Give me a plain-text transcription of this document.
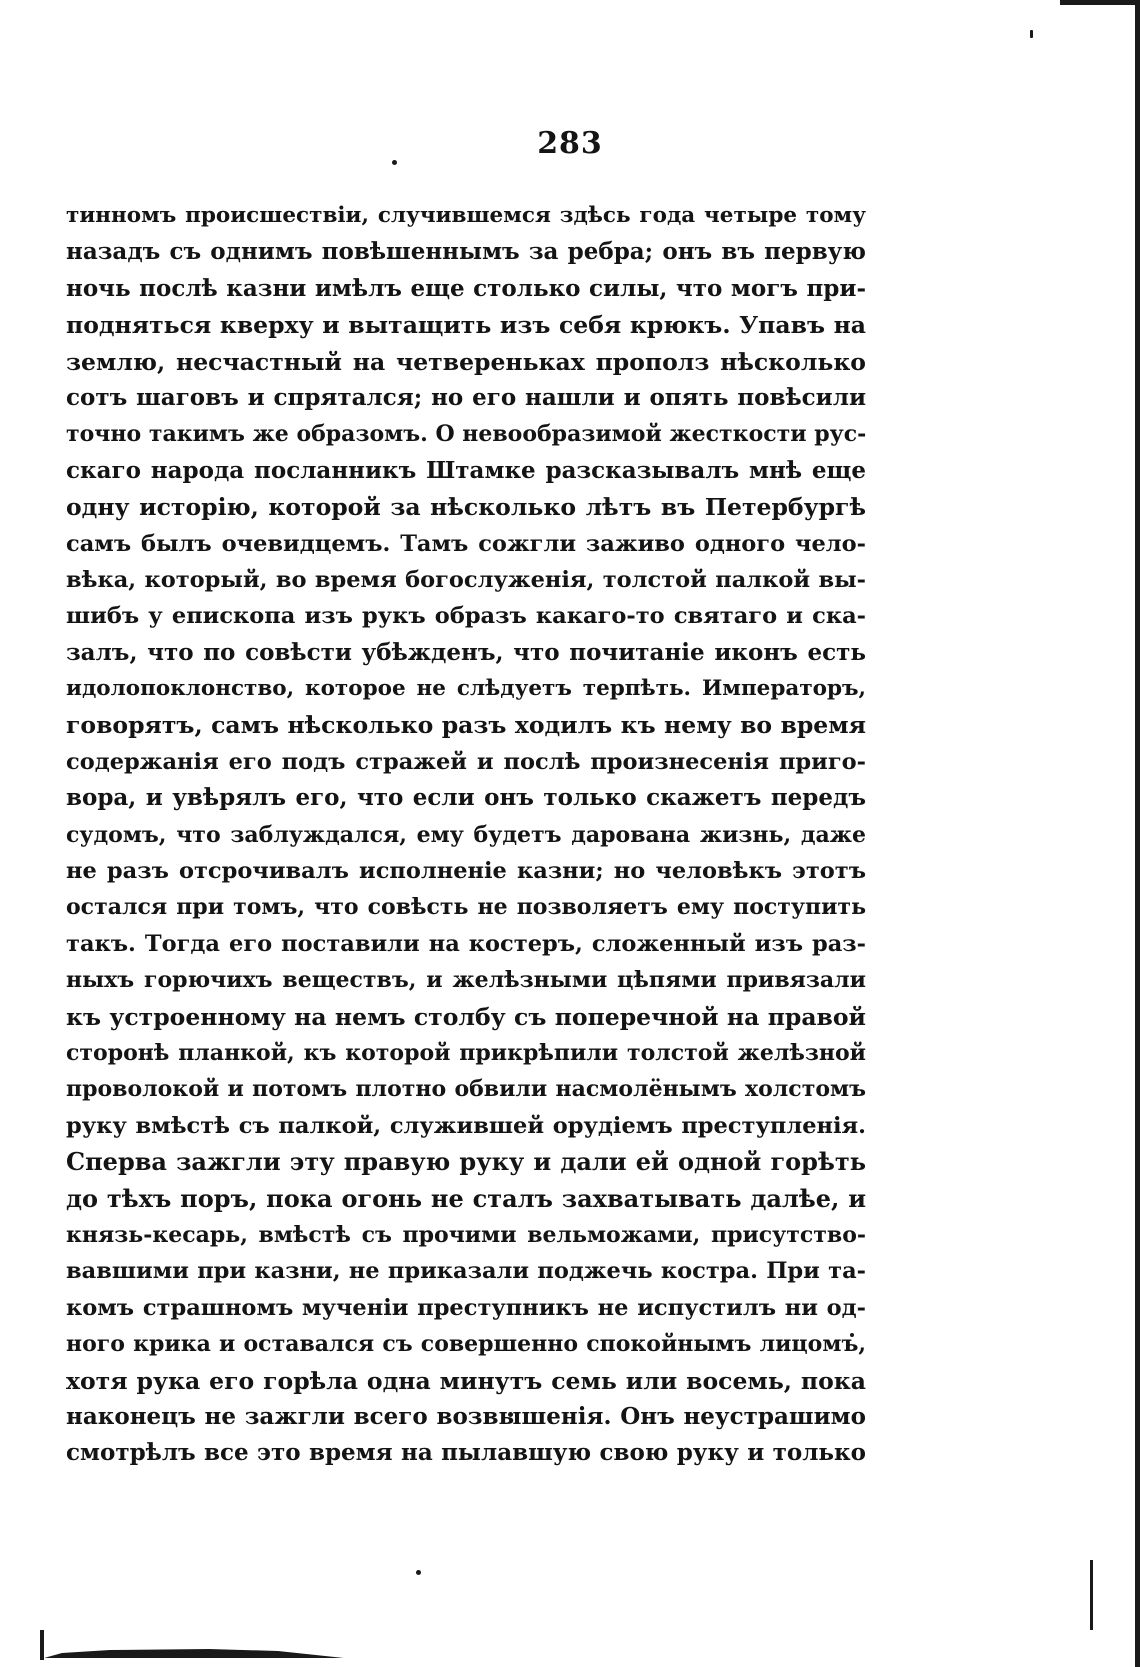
283
тинномъ происшествiи, случившемся здѣсь года четыре тому
назадъ съ однимъ повѣшеннымъ за ребра; онъ въ первую
ночь послѣ казни имѣлъ еще столько силы, что могъ при-
подняться кверху и вытащить изъ себя крюкъ. Упавъ на
землю, несчастный на четвереньках прополз нѣсколько
сотъ шаговъ и спрятался; но его нашли и опять повѣсили
точно такимъ же образомъ. О невообразимой жесткости рус-
скаго народа посланникъ Штамке разсказывалъ мнѣ еще
одну исторiю, которой за нѣсколько лѣтъ въ Петербургѣ
самъ былъ очевидцемъ. Тамъ сожгли заживо одного чело-
вѣка, который, во время богослуженiя, толстой палкой вы-
шибъ у епископа изъ рукъ образъ какаго-то святаго и ска-
залъ, что по совѣсти убѣжденъ, что почитанiе иконъ есть
идолопоклонство, которое не слѣдуетъ терпѣть. Императоръ,
говорятъ, самъ нѣсколько разъ ходилъ къ нему во время
содержанiя его подъ стражей и послѣ произнесенiя приго-
вора, и увѣрялъ его, что если онъ только скажетъ передъ
судомъ, что заблуждался, ему будетъ дарована жизнь, даже
не разъ отсрочивалъ исполненiе казни; но человѣкъ этотъ
остался при томъ, что совѣсть не позволяетъ ему поступить
такъ. Тогда его поставили на костеръ, сложенный изъ раз-
ныхъ горючихъ веществъ, и желѣзными цѣпями привязали
къ устроенному на немъ столбу съ поперечной на правой
сторонѣ планкой, къ которой прикрѣпили толстой желѣзной
проволокой и потомъ плотно обвили насмолёнымъ холстомъ
руку вмѣстѣ съ палкой, служившей орудiемъ преступленiя.
Сперва зажгли эту правую руку и дали ей одной горѣть
до тѣхъ поръ, пока огонь не сталъ захватывать далѣе, и
князь-кесарь, вмѣстѣ съ прочими вельможами, присутство-
вавшими при казни, не приказали поджечь костра. При та-
комъ страшномъ мученiи преступникъ не испустилъ ни од-
ного крика и оставался съ совершенно спокойнымъ лицомъ,
хотя рука его горѣла одна минутъ семь или восемь, пока
наконецъ не зажгли всего возвышенiя. Онъ неустрашимо
смотрѣлъ все это время на пылавшую свою руку и только
